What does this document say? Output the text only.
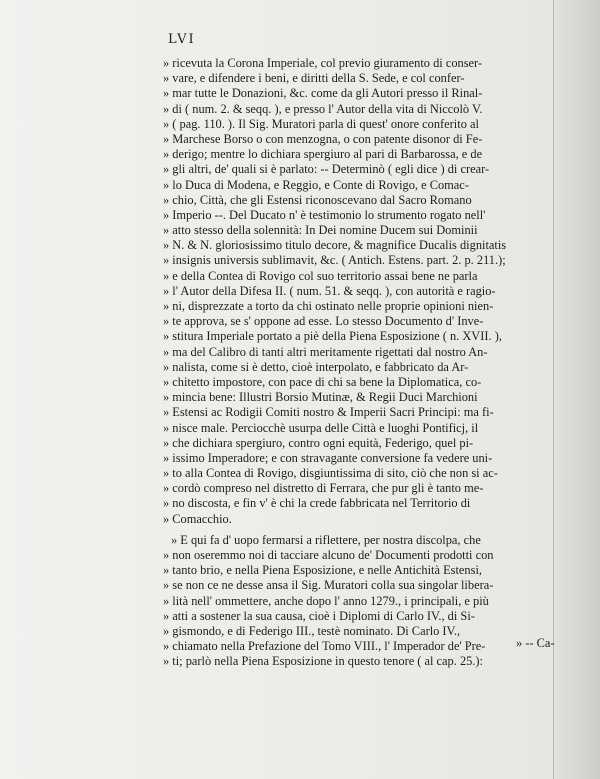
LVI
» ricevuta la Corona Imperiale, col previo giuramento di conser-
» vare, e difendere i beni, e diritti della S. Sede, e col confer-
» mar tutte le Donazioni, &c. come da gli Autori presso il Rinal-
» di ( num. 2. & seqq. ), e presso l' Autor della vita di Niccolò V.
» ( pag. 110. ). Il Sig. Muratori parla di quest' onore conferito al
» Marchese Borso o con menzogna, o con patente disonor di Fe-
» derigo; mentre lo dichiara spergiuro al pari di Barbarossa, e de
» gli altri, de' quali si è parlato: -- Determinò ( egli dice ) di crear-
» lo Duca di Modena, e Reggio, e Conte di Rovigo, e Comac-
» chio, Città, che gli Estensi riconoscevano dal Sacro Romano
» Imperio --. Del Ducato n' è testimonio lo strumento rogato nell'
» atto stesso della solennità: In Dei nomine Ducem sui Dominii
» N. & N. gloriosissimo titulo decore, & magnifice Ducalis dignitatis
» insignis universis sublimavit, &c. ( Antich. Estens. part. 2. p. 211.);
» e della Contea di Rovigo col suo territorio assai bene ne parla
» l' Autor della Difesa II. ( num. 51. & seqq. ), con autorità e ragio-
» ni, disprezzate a torto da chi ostinato nelle proprie opinioni nien-
» te approva, se s' oppone ad esse. Lo stesso Documento d' Inve-
» stitura Imperiale portato a piè della Piena Esposizione ( n. XVII. ),
» ma del Calibro di tanti altri meritamente rigettati dal nostro An-
» nalista, come si è detto, cioè interpolato, e fabbricato da Ar-
» chitetto impostore, con pace di chi sa bene la Diplomatica, co-
» mincia bene: Illustri Borsio Mutinæ, & Regii Duci Marchioni
» Estensi ac Rodigii Comiti nostro & Imperii Sacri Principi: ma fi-
» nisce male. Perciocchè usurpa delle Città e luoghi Pontificj, il
» che dichiara spergiuro, contro ogni equità, Federigo, quel pi-
» issimo Imperadore; e con stravagante conversione fa vedere uni-
» to alla Contea di Rovigo, disgiuntissima di sito, ciò che non si ac-
» cordò compreso nel distretto di Ferrara, che pur gli è tanto me-
» no discosta, e fin v' è chi la crede fabbricata nel Territorio di
» Comacchio.
» E qui fa d' uopo fermarsi a riflettere, per nostra discolpa, che
» non oseremmo noi di tacciare alcuno de' Documenti prodotti con
» tanto brio, e nella Piena Esposizione, e nelle Antichità Estensi,
» se non ce ne desse ansa il Sig. Muratori colla sua singolar libera-
» lità nell' ommettere, anche dopo l' anno 1279., i principali, e più
» atti a sostener la sua causa, cioè i Diplomi di Carlo IV., di Si-
» gismondo, e di Federigo III., testè nominato. Di Carlo IV.,
» chiamato nella Prefazione del Tomo VIII., l' Imperador de' Pre-
» ti; parlò nella Piena Esposizione in questo tenore ( al cap. 25.):
» -- Ca-
